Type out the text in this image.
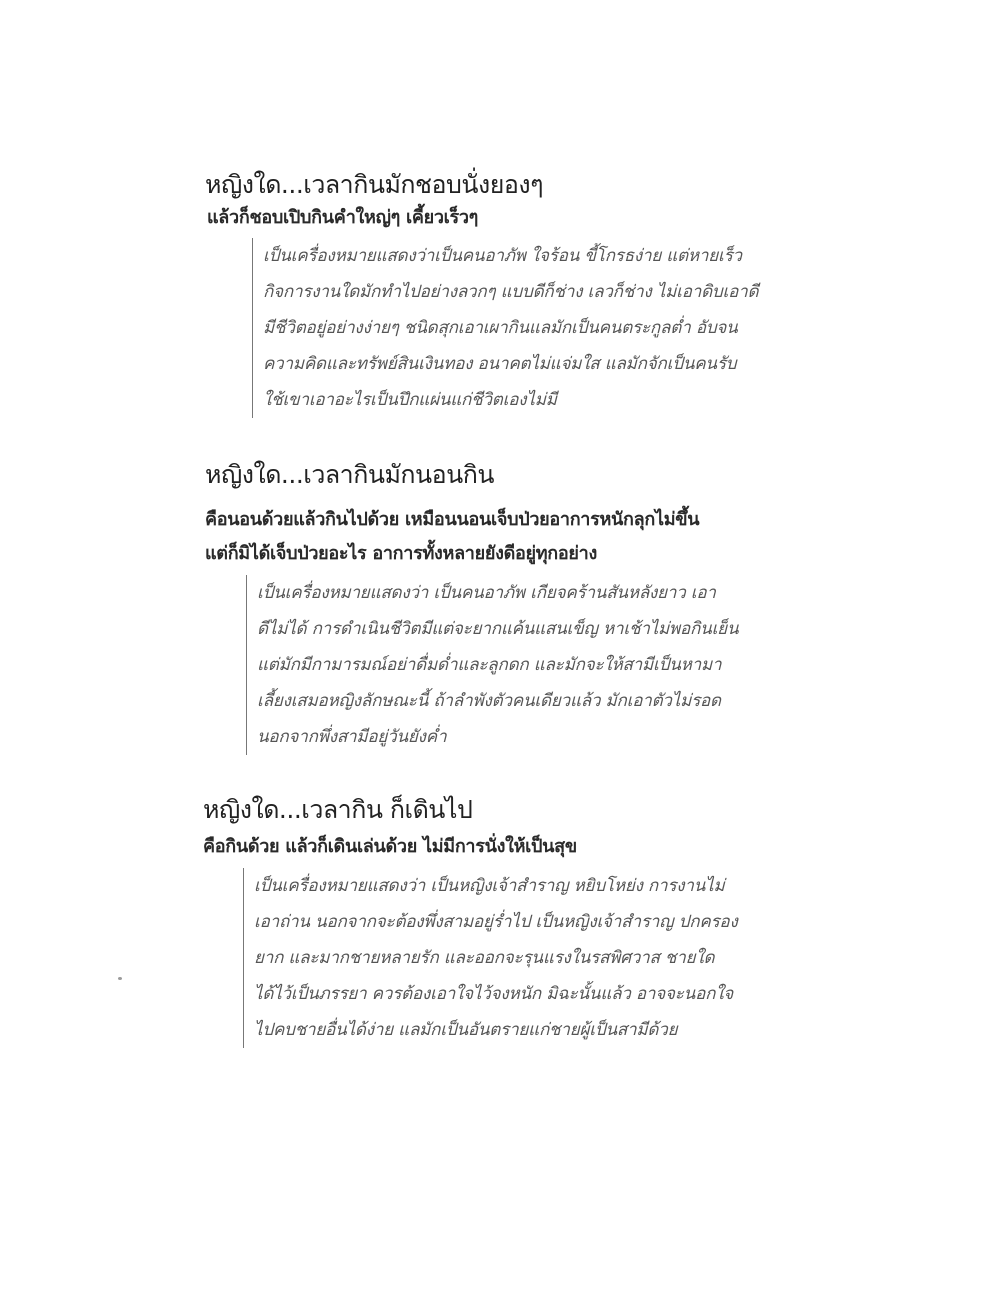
หญิงใด...เวลากินมักชอบนั่งยองๆ
แล้วก็ชอบเปิบกินคำใหญ่ๆ เคี้ยวเร็วๆ
เป็นเครื่องหมายแสดงว่าเป็นคนอาภัพ ใจร้อน ขี้โกรธง่าย แต่หายเร็ว
กิจการงานใดมักทำไปอย่างลวกๆ แบบดีก็ช่าง เลวก็ช่าง ไม่เอาดิบเอาดี
มีชีวิตอยู่อย่างง่ายๆ ชนิดสุกเอาเผากินแลมักเป็นคนตระกูลต่ำ อับจน
ความคิดและทรัพย์สินเงินทอง อนาคตไม่แจ่มใส แลมักจักเป็นคนรับ
ใช้เขาเอาอะไรเป็นปึกแผ่นแก่ชีวิตเองไม่มี
หญิงใด...เวลากินมักนอนกิน
คือนอนด้วยแล้วกินไปด้วย เหมือนนอนเจ็บป่วยอาการหนักลุกไม่ขึ้น
แต่ก็มิได้เจ็บป่วยอะไร อาการทั้งหลายยังดีอยู่ทุกอย่าง
เป็นเครื่องหมายแสดงว่า เป็นคนอาภัพ เกียจคร้านสันหลังยาว เอา
ดีไม่ได้ การดำเนินชีวิตมีแต่จะยากแค้นแสนเข็ญ หาเช้าไม่พอกินเย็น
แต่มักมีกามารมณ์อย่าดื่มด่ำและลูกดก และมักจะให้สามีเป็นหามา
เลี้ยงเสมอหญิงลักษณะนี้ ถ้าลำพังตัวคนเดียวแล้ว มักเอาตัวไม่รอด
นอกจากพึ่งสามีอยู่วันยังค่ำ
หญิงใด...เวลากิน ก็เดินไป
คือกินด้วย แล้วก็เดินเล่นด้วย ไม่มีการนั่งให้เป็นสุข
เป็นเครื่องหมายแสดงว่า เป็นหญิงเจ้าสำราญ หยิบโหย่ง การงานไม่
เอาถ่าน นอกจากจะต้องพึ่งสามอยู่ร่ำไป เป็นหญิงเจ้าสำราญ ปกครอง
ยาก และมากชายหลายรัก และออกจะรุนแรงในรสพิศวาส ชายใด
ได้ไว้เป็นภรรยา ควรต้องเอาใจไว้จงหนัก มิฉะนั้นแล้ว อาจจะนอกใจ
ไปคบชายอื่นได้ง่าย แลมักเป็นอันตรายแก่ชายผู้เป็นสามีด้วย
